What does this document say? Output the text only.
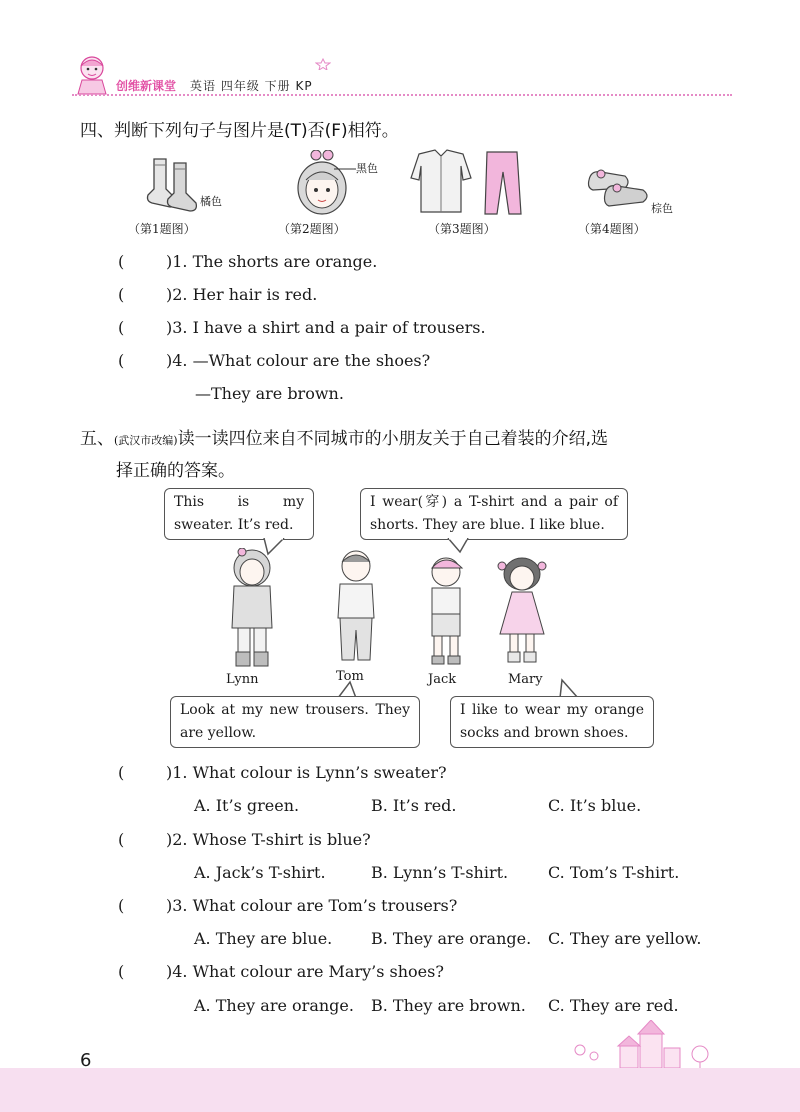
创维新课堂 英语 四年级 下册 KP
四、判断下列句子与图片是(T)否(F)相符。
橘色
（第1题图）
黑色
（第2题图）	（第3题图）
棕色
（第4题图）
(	)1. The shorts are orange.
(	)2. Her hair is red.
(	)3. I have a shirt and a pair of trousers.
(	)4. —What colour are the shoes?
—They are brown.
五、(武汉市改编)读一读四位来自不同城市的小朋友关于自己着装的介绍,选
择正确的答案。
This is my sweater. It’s red.
I wear(穿) a T-shirt and a pair of shorts. They are blue. I like blue.
Lynn	Tom	Jack	Mary
Look at my new trousers. They are yellow.
I like to wear my orange socks and brown shoes.
(	)1. What colour is Lynn’s sweater?
A. It’s green.	B. It’s red.	C. It’s blue.
(	)2. Whose T-shirt is blue?
A. Jack’s T-shirt.	B. Lynn’s T-shirt. C. Tom’s T-shirt.
(	)3. What colour are Tom’s trousers?
A. They are blue. B. They are orange. C. They are yellow.
(	)4. What colour are Mary’s shoes?
A. They are orange. B. They are brown. C. They are red.
6
